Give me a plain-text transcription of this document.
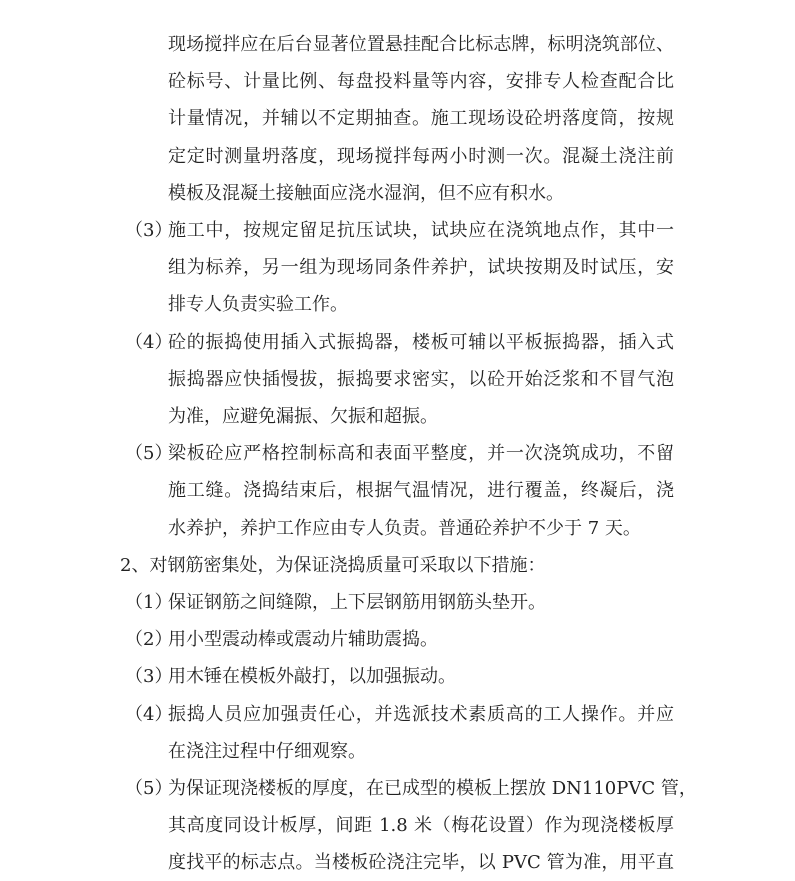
现场搅拌应在后台显著位置悬挂配合比标志牌，标明浇筑部位、
砼标号、计量比例、每盘投料量等内容，安排专人检查配合比
计量情况，并辅以不定期抽查。施工现场设砼坍落度筒，按规
定定时测量坍落度，现场搅拌每两小时测一次。混凝土浇注前
模板及混凝土接触面应浇水湿润，但不应有积水。
（3）
施工中，按规定留足抗压试块，试块应在浇筑地点作，其中一
组为标养，另一组为现场同条件养护，试块按期及时试压，安
排专人负责实验工作。
（4）
砼的振捣使用插入式振捣器，楼板可辅以平板振捣器，插入式
振捣器应快插慢拔，振捣要求密实，以砼开始泛浆和不冒气泡
为准，应避免漏振、欠振和超振。
（5）
梁板砼应严格控制标高和表面平整度，并一次浇筑成功，不留
施工缝。浇捣结束后，根据气温情况，进行覆盖，终凝后，浇
水养护，养护工作应由专人负责。普通砼养护不少于 7 天。
2、对钢筋密集处，为保证浇捣质量可采取以下措施：
（1）
保证钢筋之间缝隙，上下层钢筋用钢筋头垫开。
（2）
用小型震动棒或震动片辅助震捣。
（3）
用木锤在模板外敲打，以加强振动。
（4）
振捣人员应加强责任心，并选派技术素质高的工人操作。并应
在浇注过程中仔细观察。
（5）
为保证现浇楼板的厚度，在已成型的模板上摆放 DN110PVC 管，
其高度同设计板厚，间距 1.8 米（梅花设置）作为现浇楼板厚
度找平的标志点。当楼板砼浇注完毕，以 PVC 管为准，用平直
